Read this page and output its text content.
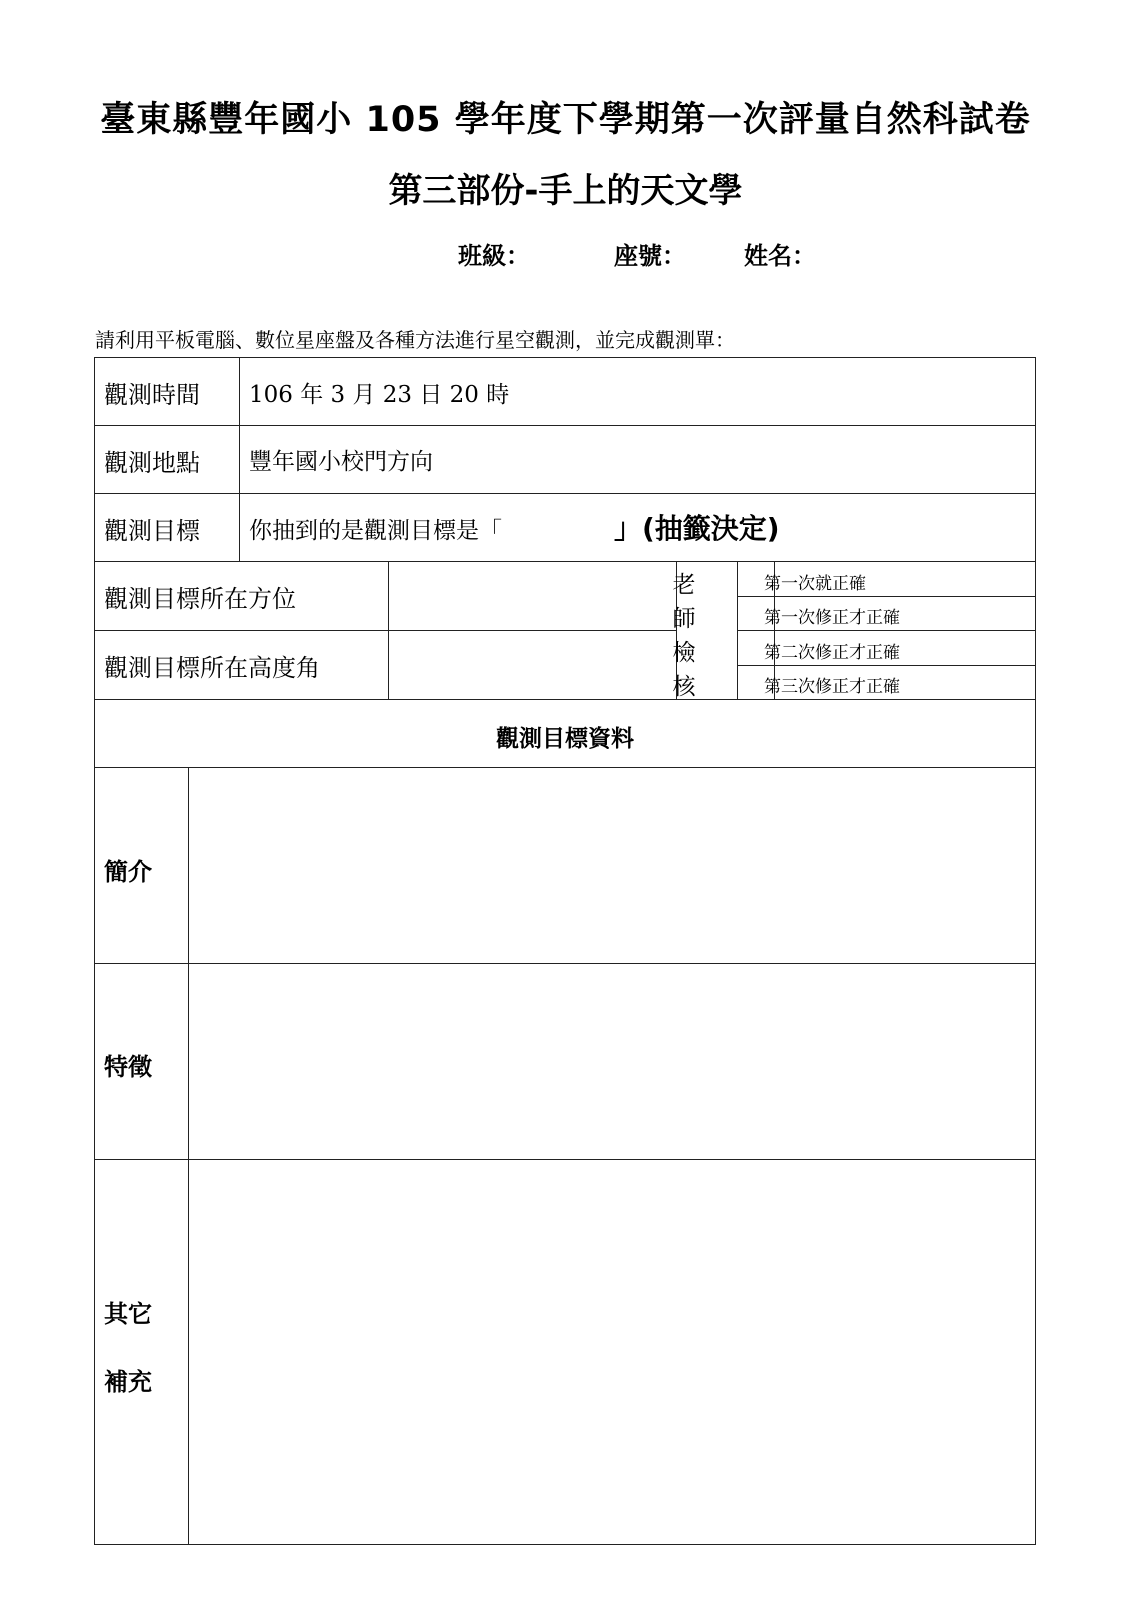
臺東縣豐年國小 105 學年度下學期第一次評量自然科試卷
第三部份-手上的天文學
班級：	座號： 姓名：
請利用平板電腦、數位星座盤及各種方法進行星空觀測，並完成觀測單：
觀測時間 106 年 3 月 23 日 20 時
觀測地點 豐年國小校門方向
觀測目標 你抽到的是觀測目標是「	」(抽籤決定)
觀測目標所在方位
觀測目標所在高度角
老
師
檢
核
第一次就正確
第一次修正才正確
第二次修正才正確
第三次修正才正確
觀測目標資料
簡介
特徵
其它
補充
